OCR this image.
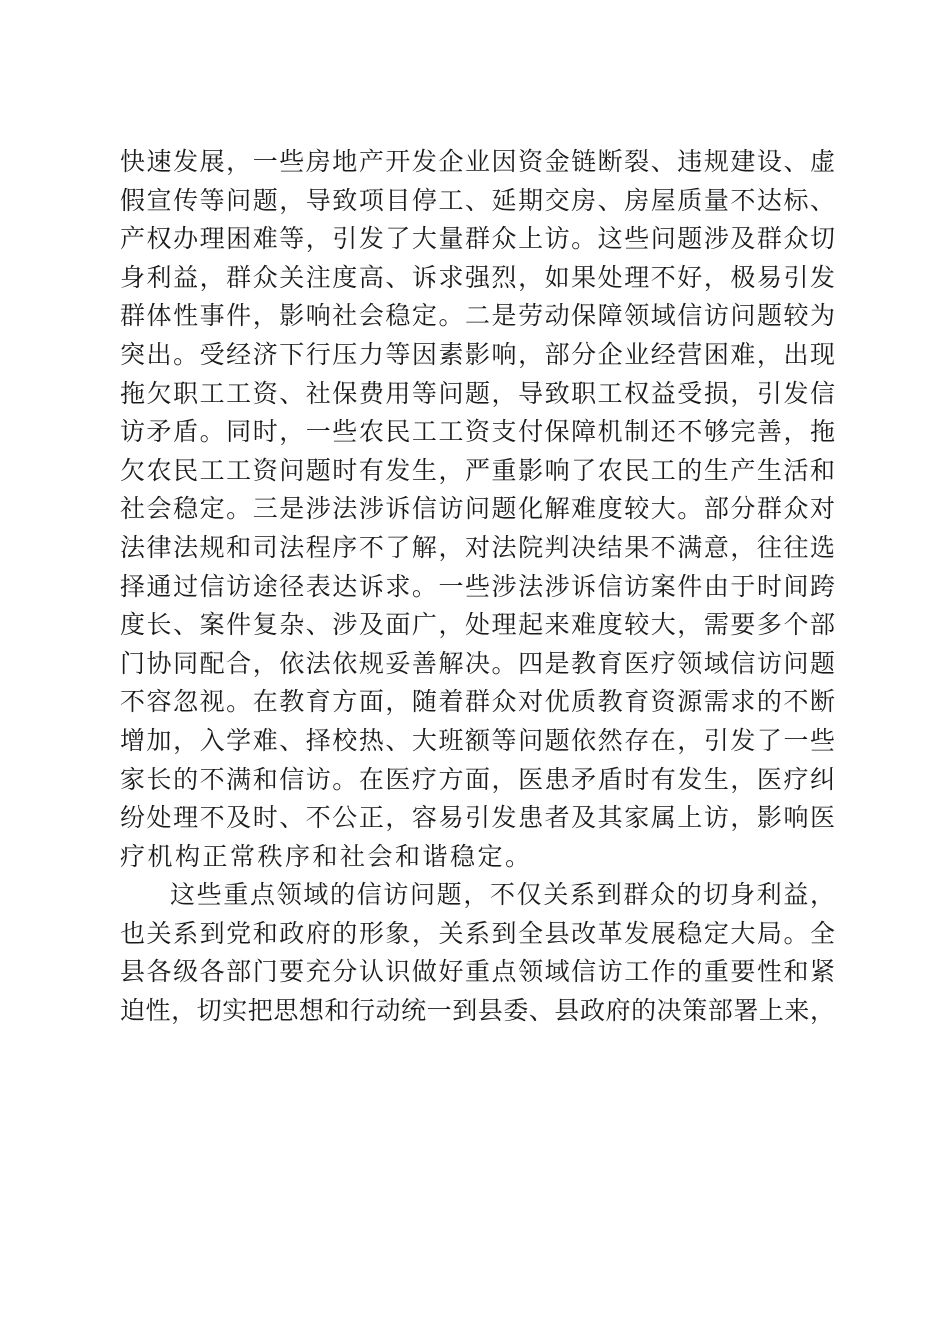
快速发展，一些房地产开发企业因资金链断裂、违规建设、虚
假宣传等问题，导致项目停工、延期交房、房屋质量不达标、
产权办理困难等，引发了大量群众上访。这些问题涉及群众切
身利益，群众关注度高、诉求强烈，如果处理不好，极易引发
群体性事件，影响社会稳定。二是劳动保障领域信访问题较为
突出。受经济下行压力等因素影响，部分企业经营困难，出现
拖欠职工工资、社保费用等问题，导致职工权益受损，引发信
访矛盾。同时，一些农民工工资支付保障机制还不够完善，拖
欠农民工工资问题时有发生，严重影响了农民工的生产生活和
社会稳定。三是涉法涉诉信访问题化解难度较大。部分群众对
法律法规和司法程序不了解，对法院判决结果不满意，往往选
择通过信访途径表达诉求。一些涉法涉诉信访案件由于时间跨
度长、案件复杂、涉及面广，处理起来难度较大，需要多个部
门协同配合，依法依规妥善解决。四是教育医疗领域信访问题
不容忽视。在教育方面，随着群众对优质教育资源需求的不断
增加，入学难、择校热、大班额等问题依然存在，引发了一些
家长的不满和信访。在医疗方面，医患矛盾时有发生，医疗纠
纷处理不及时、不公正，容易引发患者及其家属上访，影响医
疗机构正常秩序和社会和谐稳定。
这些重点领域的信访问题，不仅关系到群众的切身利益，
也关系到党和政府的形象，关系到全县改革发展稳定大局。全
县各级各部门要充分认识做好重点领域信访工作的重要性和紧
迫性，切实把思想和行动统一到县委、县政府的决策部署上来，
